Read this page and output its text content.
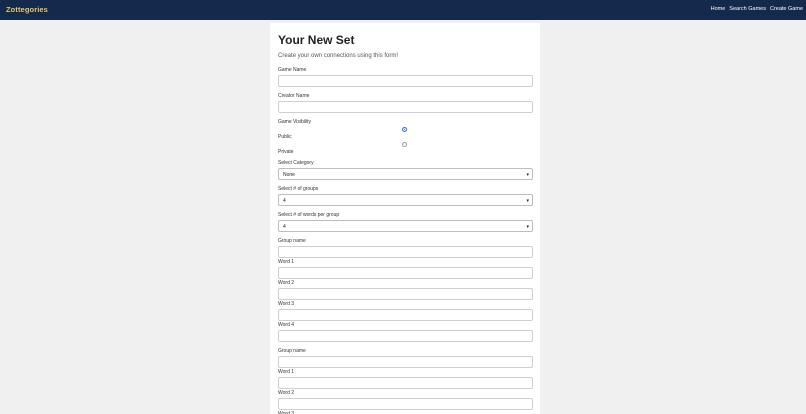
Zottegories	Home Search Games Create Game
Your New Set
Create your own connections using this form!
Game Name
Creator Name
Game Visibility
Public
Private
Select Category
None	▾
Select # of groups
4	▾
Select # of words per group
4	▾
Group name
Word 1
Word 2
Word 3
Word 4
Group name
Word 1
Word 2
Word 3
